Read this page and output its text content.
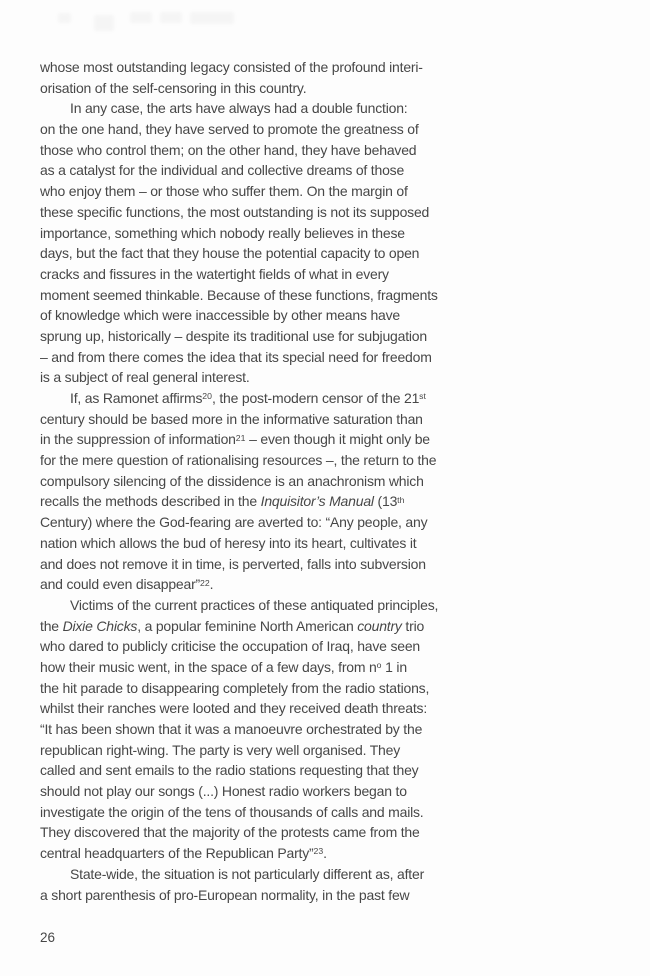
whose most outstanding legacy consisted of the profound interi-
orisation of the self-censoring in this country.
In any case, the arts have always had a double function:
on the one hand, they have served to promote the greatness of
those who control them; on the other hand, they have behaved
as a catalyst for the individual and collective dreams of those
who enjoy them – or those who suffer them. On the margin of
these specific functions, the most outstanding is not its supposed
importance, something which nobody really believes in these
days, but the fact that they house the potential capacity to open
cracks and fissures in the watertight fields of what in every
moment seemed thinkable. Because of these functions, fragments
of knowledge which were inaccessible by other means have
sprung up, historically – despite its traditional use for subjugation
– and from there comes the idea that its special need for freedom
is a subject of real general interest.
If, as Ramonet affirms$^{20}$, the post-modern censor of the 21st
century should be based more in the informative saturation than
in the suppression of information$^{21}$ – even though it might only be
for the mere question of rationalising resources –, the return to the
compulsory silencing of the dissidence is an anachronism which
recalls the methods described in the Inquisitor’s Manual (13th
Century) where the God-fearing are averted to: “Any people, any
nation which allows the bud of heresy into its heart, cultivates it
and does not remove it in time, is perverted, falls into subversion
and could even disappear”$^{22}$.
Victims of the current practices of these antiquated principles,
the Dixie Chicks, a popular feminine North American country trio
who dared to publicly criticise the occupation of Iraq, have seen
how their music went, in the space of a few days, from $n^o$ 1 in
the hit parade to disappearing completely from the radio stations,
whilst their ranches were looted and they received death threats:
“It has been shown that it was a manoeuvre orchestrated by the
republican right-wing. The party is very well organised. They
called and sent emails to the radio stations requesting that they
should not play our songs (...) Honest radio workers began to
investigate the origin of the tens of thousands of calls and mails.
They discovered that the majority of the protests came from the
central headquarters of the Republican Party”$^{23}$.
State-wide, the situation is not particularly different as, after
a short parenthesis of pro-European normality, in the past few
26
